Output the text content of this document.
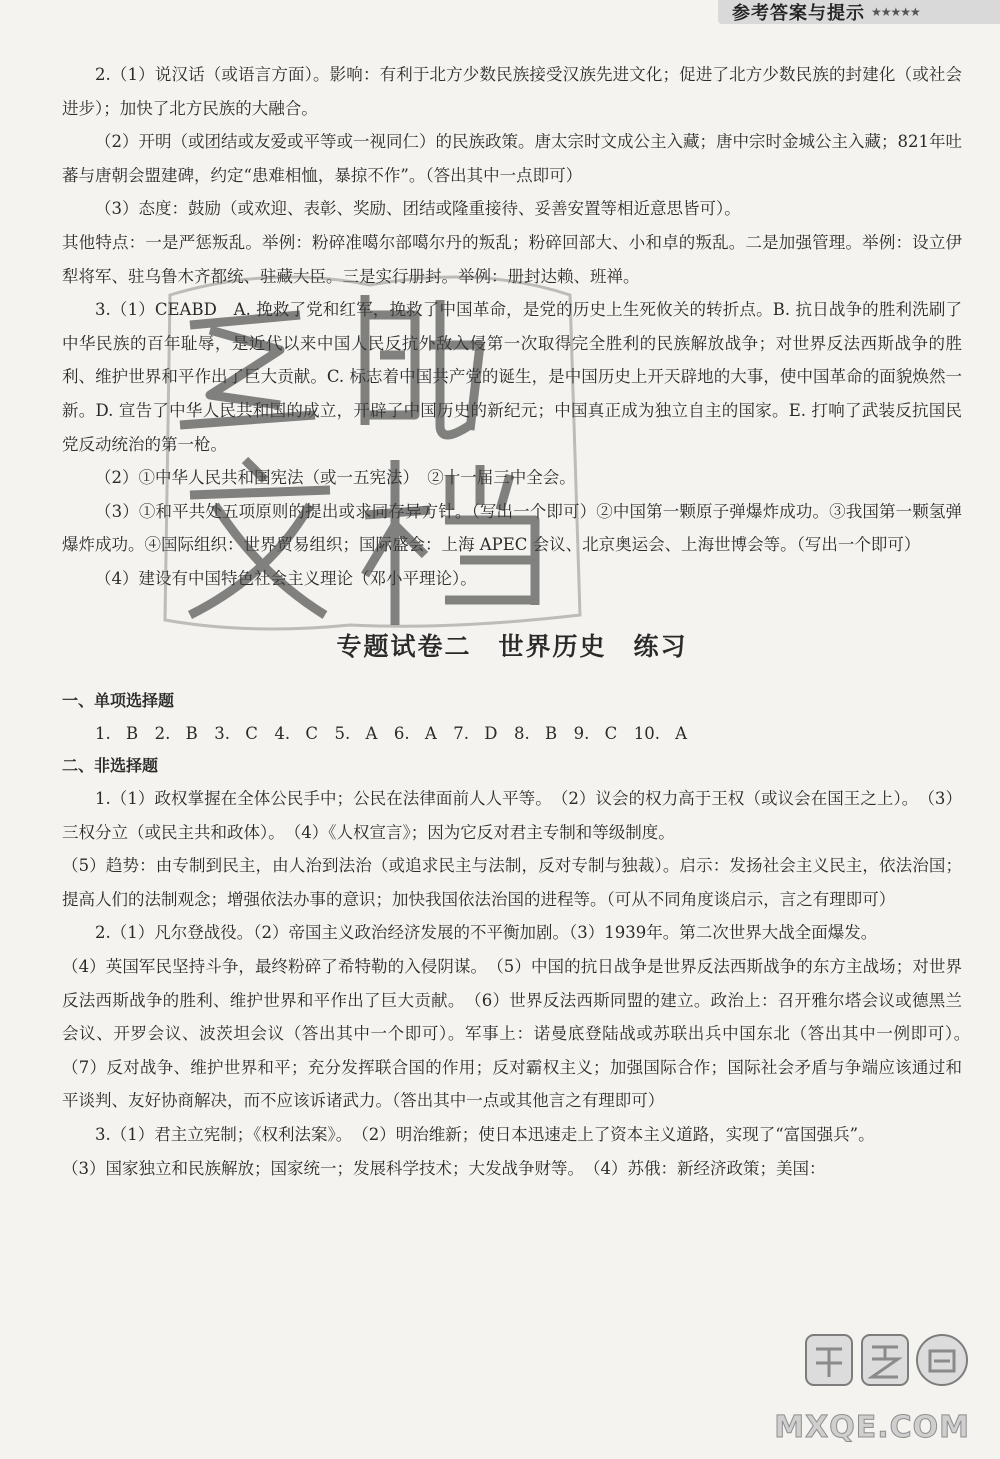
参考答案与提示 ★★★★★

2.（1）说汉话（或语言方面）。影响：有利于北方少数民族接受汉族先进文化；促进了北方少数民族的封建化（或社会进步）；加快了北方民族的大融合。

（2）开明（或团结或友爱或平等或一视同仁）的民族政策。唐太宗时文成公主入藏；唐中宗时金城公主入藏；821年吐蕃与唐朝会盟建碑，约定“患难相恤，暴掠不作”。（答出其中一点即可）

（3）态度：鼓励（或欢迎、表彰、奖励、团结或隆重接待、妥善安置等相近意思皆可）。

其他特点：一是严惩叛乱。举例：粉碎准噶尔部噶尔丹的叛乱；粉碎回部大、小和卓的叛乱。二是加强管理。举例：设立伊犁将军、驻乌鲁木齐都统、驻藏大臣。三是实行册封。举例：册封达赖、班禅。

3.（1）CEABD　A. 挽救了党和红军，挽救了中国革命，是党的历史上生死攸关的转折点。B. 抗日战争的胜利洗刷了中华民族的百年耻辱，是近代以来中国人民反抗外敌入侵第一次取得完全胜利的民族解放战争；对世界反法西斯战争的胜利、维护世界和平作出了巨大贡献。C. 标志着中国共产党的诞生，是中国历史上开天辟地的大事，使中国革命的面貌焕然一新。D. 宣告了中华人民共和国的成立，开辟了中国历史的新纪元；中国真正成为独立自主的国家。E. 打响了武装反抗国民党反动统治的第一枪。

（2）①中华人民共和国宪法（或一五宪法）　②十一届三中全会。

（3）①和平共处五项原则的提出或求同存异方针。（写出一个即可）②中国第一颗原子弹爆炸成功。③我国第一颗氢弹爆炸成功。④国际组织：世界贸易组织；国际盛会：上海 APEC 会议、北京奥运会、上海世博会等。（写出一个即可）

（4）建设有中国特色社会主义理论（邓小平理论）。

专题试卷二　世界历史　练习

一、单项选择题

1. B　2. B　3. C　4. C　5. A　6. A　7. D　8. B　9. C　10. A

二、非选择题

1.（1）政权掌握在全体公民手中；公民在法律面前人人平等。　（2）议会的权力高于王权（或议会在国王之上）。　（3）三权分立（或民主共和政体）。　（4）《人权宣言》；因为它反对君主专制和等级制度。

（5）趋势：由专制到民主，由人治到法治（或追求民主与法制，反对专制与独裁）。启示：发扬社会主义民主，依法治国；提高人们的法制观念；增强依法办事的意识；加快我国依法治国的进程等。（可从不同角度谈启示，言之有理即可）

2.（1）凡尔登战役。（2）帝国主义政治经济发展的不平衡加剧。（3）1939年。第二次世界大战全面爆发。

（4）英国军民坚持斗争，最终粉碎了希特勒的入侵阴谋。　（5）中国的抗日战争是世界反法西斯战争的东方主战场；对世界反法西斯战争的胜利、维护世界和平作出了巨大贡献。　（6）世界反法西斯同盟的建立。政治上：召开雅尔塔会议或德黑兰会议、开罗会议、波茨坦会议（答出其中一个即可）。军事上：诺曼底登陆战或苏联出兵中国东北（答出其中一例即可）。　（7）反对战争、维护世界和平；充分发挥联合国的作用；反对霸权主义；加强国际合作；国际社会矛盾与争端应该通过和平谈判、友好协商解决，而不应该诉诸武力。（答出其中一点或其他言之有理即可）

3.（1）君主立宪制；《权利法案》。　（2）明治维新；使日本迅速走上了资本主义道路，实现了“富国强兵”。

（3）国家独立和民族解放；国家统一；发展科学技术；大发战争财等。　（4）苏俄：新经济政策；美国：

MXQE.COM
